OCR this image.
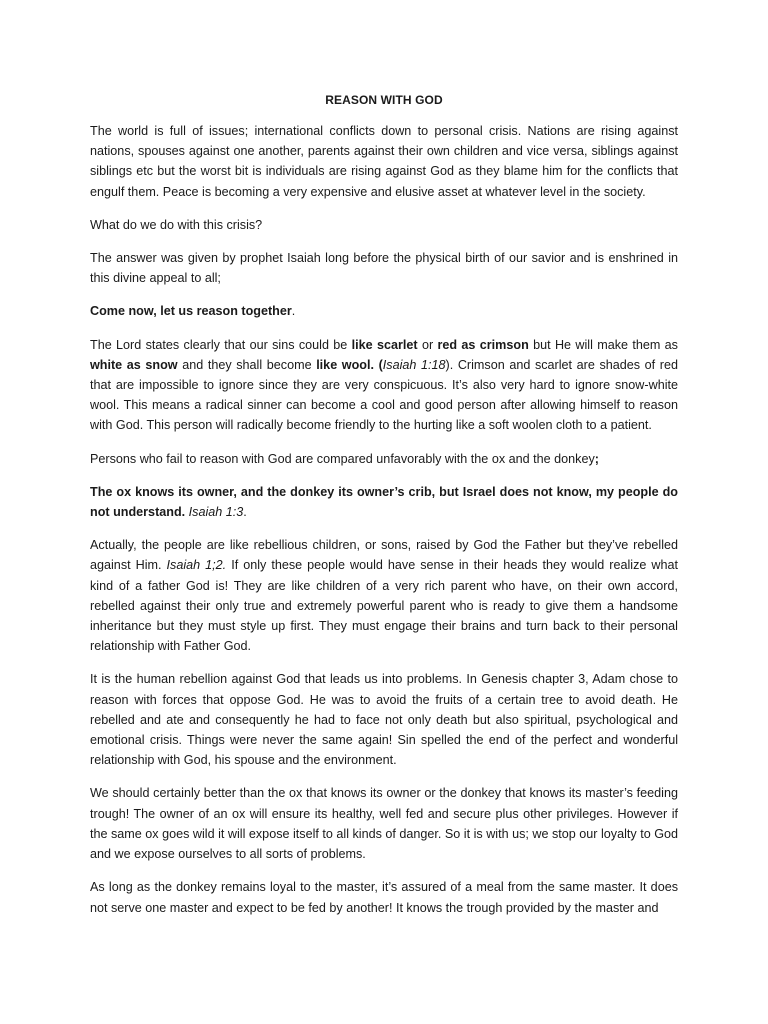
REASON WITH GOD

The world is full of issues; international conflicts down to personal crisis. Nations are rising against nations, spouses against one another, parents against their own children and vice versa, siblings against siblings etc but the worst bit is individuals are rising against God as they blame him for the conflicts that engulf them. Peace is becoming a very expensive and elusive asset at whatever level in the society.

What do we do with this crisis?

The answer was given by prophet Isaiah long before the physical birth of our savior and is enshrined in this divine appeal to all;

Come now, let us reason together.

The Lord states clearly that our sins could be like scarlet or red as crimson but He will make them as white as snow and they shall become like wool. (Isaiah 1:18). Crimson and scarlet are shades of red that are impossible to ignore since they are very conspicuous. It’s also very hard to ignore snow-white wool. This means a radical sinner can become a cool and good person after allowing himself to reason with God. This person will radically become friendly to the hurting like a soft woolen cloth to a patient.

Persons who fail to reason with God are compared unfavorably with the ox and the donkey;

The ox knows its owner, and the donkey its owner’s crib, but Israel does not know, my people do not understand. Isaiah 1:3.

Actually, the people are like rebellious children, or sons, raised by God the Father but they’ve rebelled against Him. Isaiah 1;2. If only these people would have sense in their heads they would realize what kind of a father God is! They are like children of a very rich parent who have, on their own accord, rebelled against their only true and extremely powerful parent who is ready to give them a handsome inheritance but they must style up first. They must engage their brains and turn back to their personal relationship with Father God.

It is the human rebellion against God that leads us into problems. In Genesis chapter 3, Adam chose to reason with forces that oppose God. He was to avoid the fruits of a certain tree to avoid death. He rebelled and ate and consequently he had to face not only death but also spiritual, psychological and emotional crisis. Things were never the same again! Sin spelled the end of the perfect and wonderful relationship with God, his spouse and the environment.

We should certainly better than the ox that knows its owner or the donkey that knows its master’s feeding trough! The owner of an ox will ensure its healthy, well fed and secure plus other privileges. However if the same ox goes wild it will expose itself to all kinds of danger. So it is with us; we stop our loyalty to God and we expose ourselves to all sorts of problems.

As long as the donkey remains loyal to the master, it’s assured of a meal from the same master. It does not serve one master and expect to be fed by another! It knows the trough provided by the master and
